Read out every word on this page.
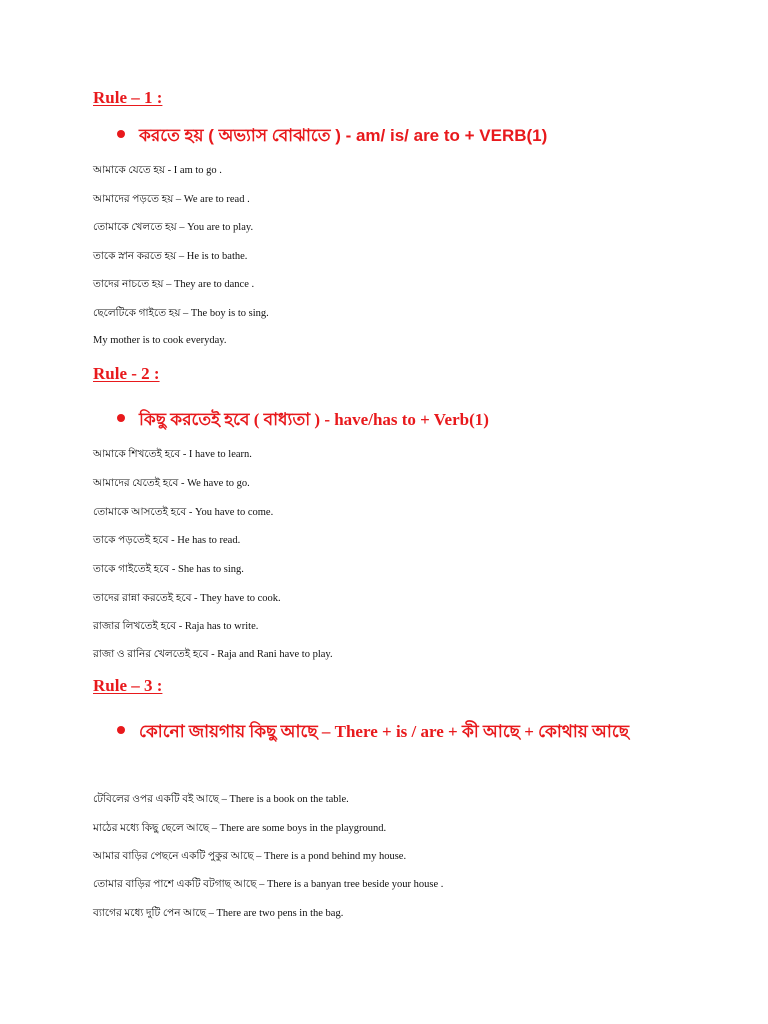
Rule – 1 :
করতে হয় ( অভ্যাস বোঝাতে ) - am/ is/ are to + VERB(1)

আমাকে যেতে হয় - I am to go .

আমাদের পড়তে হয় – We are to read .

তোমাকে খেলতে হয় – You are to play.

তাকে স্নান করতে হয় – He is to bathe.

তাদের নাচতে হয় – They are to dance .

ছেলেটিকে গাইতে হয় – The boy is to sing.

My mother is to cook everyday.

Rule - 2 :
কিছু করতেই হবে ( বাধ্যতা ) - have/has to + Verb(1)

আমাকে শিখতেই হবে - I have to learn.

আমাদের যেতেই হবে - We have to go.

তোমাকে আসতেই হবে - You have to come.

তাকে পড়তেই হবে - He has to read.

তাকে গাইতেই হবে - She has to sing.

তাদের রান্না করতেই হবে - They have to cook.

রাজার লিখতেই হবে - Raja has to write.

রাজা ও রানির খেলতেই হবে - Raja and Rani have to play.

Rule – 3 :
কোনো জায়গায় কিছু আছে – There + is / are + কী আছে + কোথায় আছে

টেবিলের ওপর একটি বই আছে – There is a book on the table.

মাঠের মধ্যে কিছু ছেলে আছে – There are some boys in the playground.

আমার বাড়ির পেছনে একটি পুকুর আছে – There is a pond behind my house.

তোমার বাড়ির পাশে একটি বটগাছ আছে – There is a banyan tree beside your house .

ব্যাগের মধ্যে দুটি পেন আছে – There are two pens in the bag.
